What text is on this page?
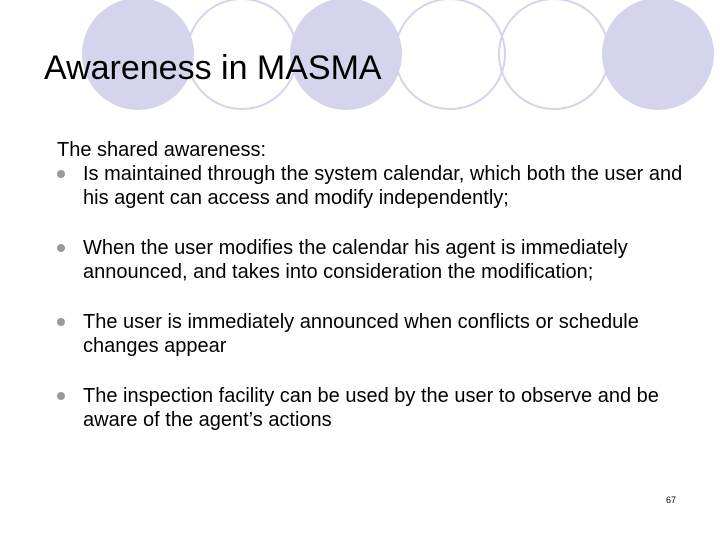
Awareness in MASMA

The shared awareness:

Is maintained through the system calendar, which both the user and his agent can access and modify independently;
When the user modifies the calendar his agent is immediately announced, and takes into consideration the modification;
The user is immediately announced when conflicts or schedule changes appear
The inspection facility can be used by the user to observe and be aware of the agent’s actions
67
